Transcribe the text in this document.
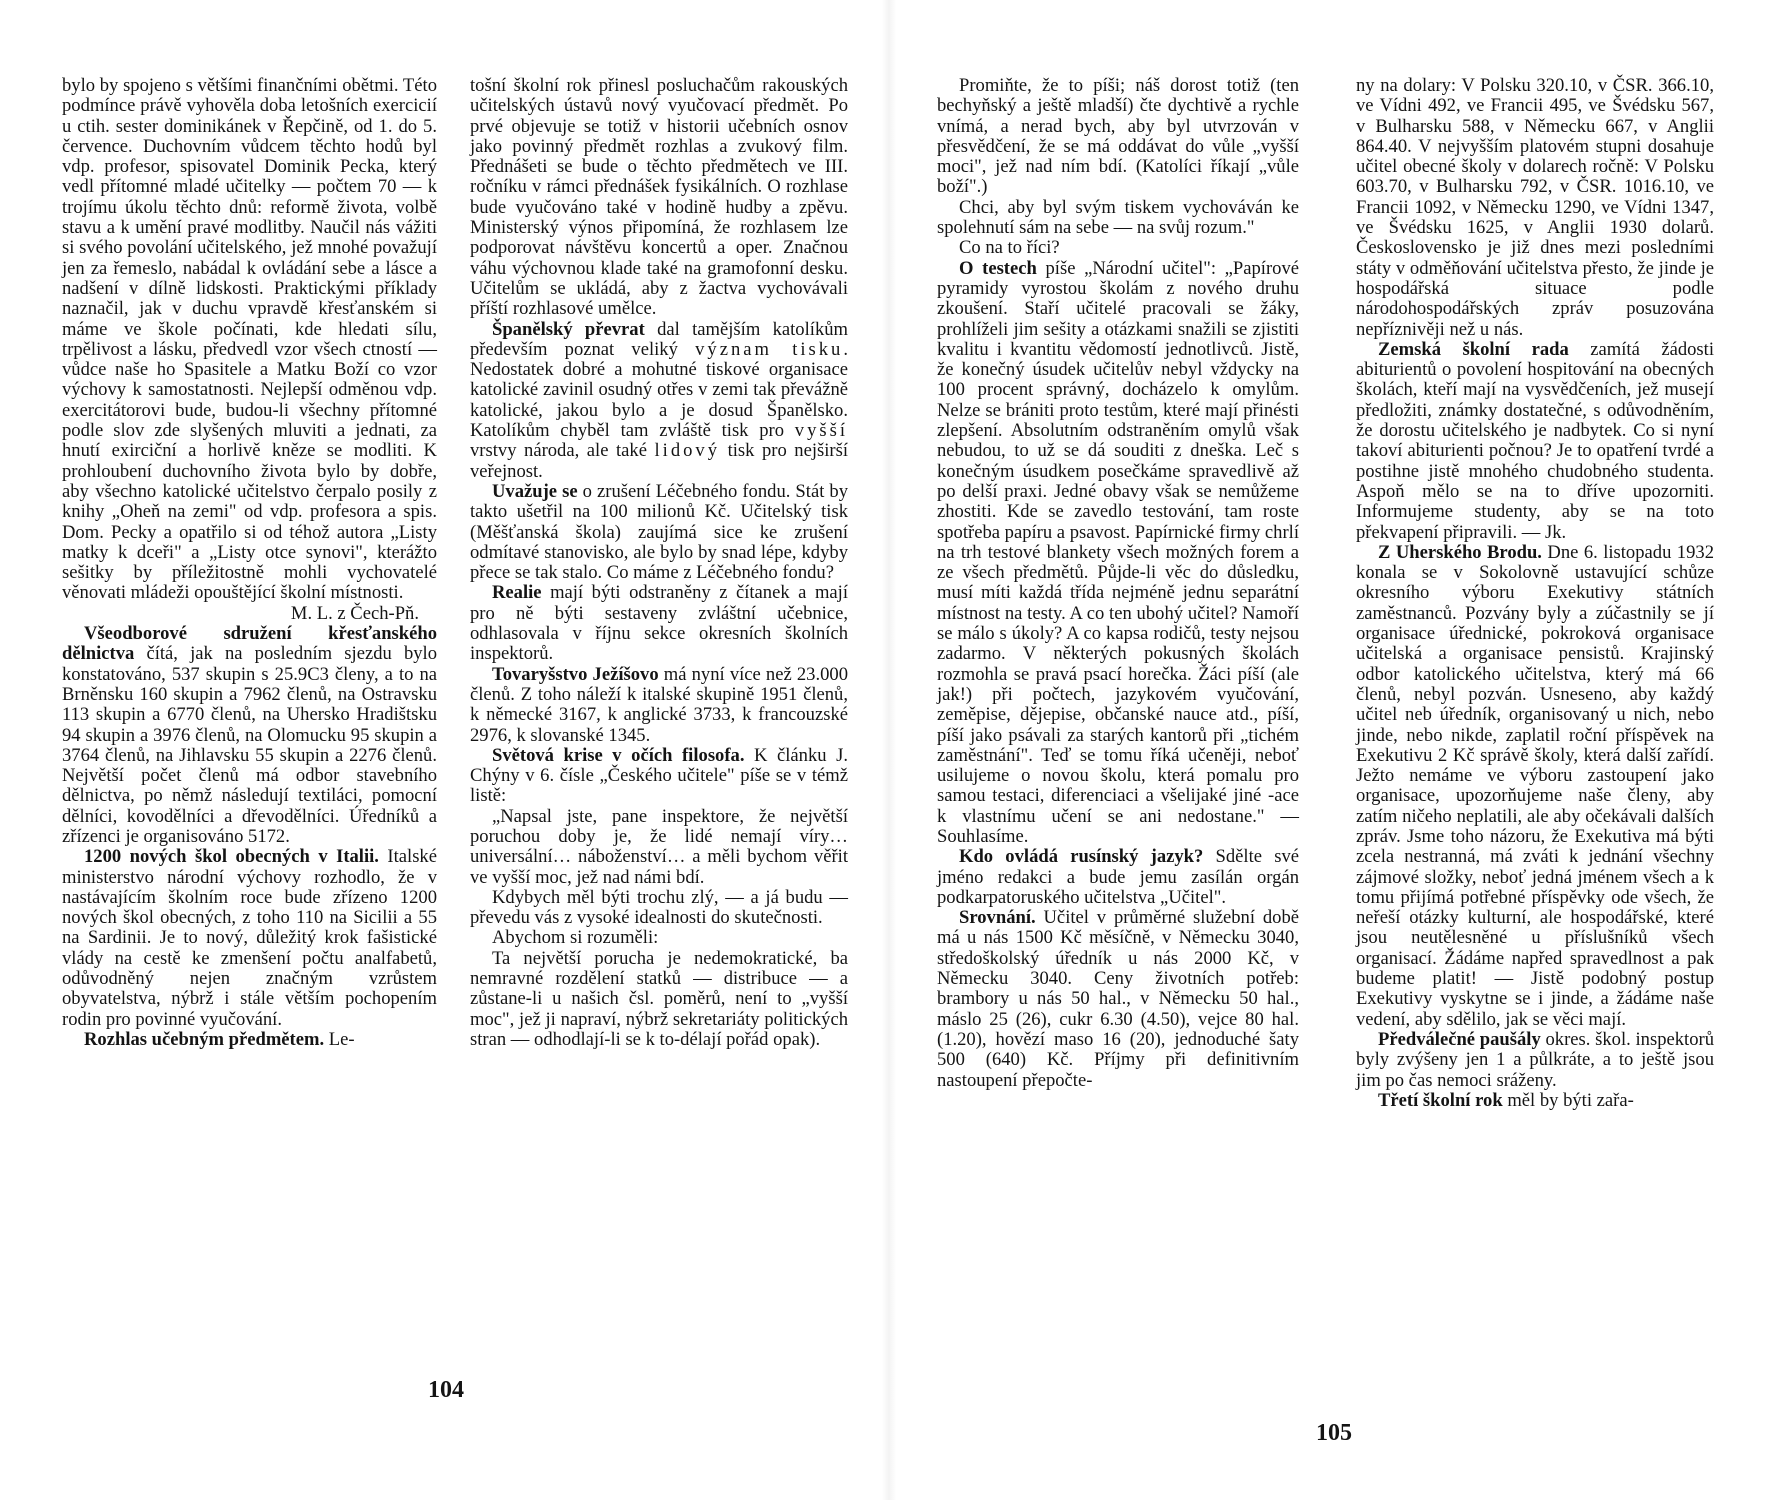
bylo by spojeno s většími finančními obětmi. Této podmínce právě vyhověla doba letošních exercicií u ctih. sester dominikánek v Řepčině, od 1. do 5. července. Duchovním vůdcem těchto hodů byl vdp. profesor, spisovatel Dominik Pecka, který vedl přítomné mladé učitelky — počtem 70 — k trojímu úkolu těchto dnů: reformě života, volbě stavu a k umění pravé modlitby. Naučil nás vážiti si svého povolání učitelského, jež mnohé považují jen za řemeslo, nabádal k ovládání sebe a lásce a nadšení v dílně lidskosti. Praktickými příklady naznačil, jak v duchu vpravdě křesťanském si máme ve škole počínati, kde hledati sílu, trpělivost a lásku, předvedl vzor všech ctností — vůdce naše ho Spasitele a Matku Boží co vzor výchovy k samostatnosti. Nejlepší odměnou vdp. exercitátorovi bude, budou-li všechny přítomné podle slov zde slyšených mluviti a jednati, za hnutí exirciční a horlivě kněze se modliti. K prohloubení duchovního života bylo by dobře, aby všechno katolické učitelstvo čerpalo posily z knihy „Oheň na zemi" od vdp. profesora a spis. Dom. Pecky a opatřilo si od téhož autora „Listy matky k dceři" a „Listy otce synovi", kterážto sešitky by příležitostně mohli vychovatelé věnovati mládeži opouštějící školní místnosti.

M. L. z Čech-Pň.

Všeodborové sdružení křesťanského dělnictva čítá, jak na posledním sjezdu bylo konstatováno, 537 skupin s 25.9C3 členy, a to na Brněnsku 160 skupin a 7962 členů, na Ostravsku 113 skupin a 6770 členů, na Uhersko Hradištsku 94 skupin a 3976 členů, na Olomucku 95 skupin a 3764 členů, na Jihlavsku 55 skupin a 2276 členů. Největší počet členů má odbor stavebního dělnictva, po němž následují textiláci, pomocní dělníci, kovodělníci a dřevodělníci. Úředníků a zřízenci je organisováno 5172.

1200 nových škol obecných v Italii. Italské ministerstvo národní výchovy rozhodlo, že v nastávajícím školním roce bude zřízeno 1200 nových škol obecných, z toho 110 na Sicilii a 55 na Sardinii. Je to nový, důležitý krok fašistické vlády na cestě ke zmenšení počtu analfabetů, odůvodněný nejen značným vzrůstem obyvatelstva, nýbrž i stále větším pochopením rodin pro povinné vyučování.

Rozhlas učebným předmětem. Le-

tošní školní rok přinesl posluchačům rakouských učitelských ústavů nový vyučovací předmět. Po prvé objevuje se totiž v historii učebních osnov jako povinný předmět rozhlas a zvukový film. Přednášeti se bude o těchto předmětech ve III. ročníku v rámci přednášek fysikálních. O rozhlase bude vyučováno také v hodině hudby a zpěvu. Ministerský výnos připomíná, že rozhlasem lze podporovat návštěvu koncertů a oper. Značnou váhu výchovnou klade také na gramofonní desku. Učitelům se ukládá, aby z žactva vychovávali příští rozhlasové umělce.

Španělský převrat dal tamějším katolíkům především poznat veliký význam tisku. Nedostatek dobré a mohutné tiskové organisace katolické zavinil osudný otřes v zemi tak převážně katolické, jakou bylo a je dosud Španělsko. Katolíkům chyběl tam zvláště tisk pro vyšší vrstvy národa, ale také lidový tisk pro nejširší veřejnost.

Uvažuje se o zrušení Léčebného fondu. Stát by takto ušetřil na 100 milionů Kč. Učitelský tisk (Měšťanská škola) zaujímá sice ke zrušení odmítavé stanovisko, ale bylo by snad lépe, kdyby přece se tak stalo. Co máme z Léčebného fondu?

Realie mají býti odstraněny z čítanek a mají pro ně býti sestaveny zvláštní učebnice, odhlasovala v říjnu sekce okresních školních inspektorů.

Tovaryšstvo Ježíšovo má nyní více než 23.000 členů. Z toho náleží k italské skupině 1951 členů, k německé 3167, k anglické 3733, k francouzské 2976, k slovanské 1345.

Světová krise v očích filosofa. K článku J. Chýny v 6. čísle „Českého učitele" píše se v témž listě:

„Napsal jste, pane inspektore, že největší poruchou doby je, že lidé nemají víry… universální… náboženství… a měli bychom věřit ve vyšší moc, jež nad námi bdí.

Kdybych měl býti trochu zlý, — a já budu — převedu vás z vysoké idealnosti do skutečnosti.

Abychom si rozuměli:

Ta největší porucha je nedemokratické, ba nemravné rozdělení statků — distribuce — a zůstane-li u našich čsl. poměrů, není to „vyšší moc", jež ji napraví, nýbrž sekretariáty politických stran — odhodlají-li se k to-délají pořád opak).

104

Promiňte, že to píši; náš dorost totiž (ten bechyňský a ještě mladší) čte dychtivě a rychle vnímá, a nerad bych, aby byl utvrzován v přesvědčení, že se má oddávat do vůle „vyšší moci", jež nad ním bdí. (Katolíci říkají „vůle boží".)

Chci, aby byl svým tiskem vychováván ke spolehnutí sám na sebe — na svůj rozum."

Co na to říci?

O testech píše „Národní učitel": „Papírové pyramidy vyrostou školám z nového druhu zkoušení. Staří učitelé pracovali se žáky, prohlíželi jim sešity a otázkami snažili se zjistiti kvalitu i kvantitu vědomostí jednotlivců. Jistě, že konečný úsudek učitelův nebyl vždycky na 100 procent správný, docházelo k omylům. Nelze se brániti proto testům, které mají přinésti zlepšení. Absolutním odstraněním omylů však nebudou, to už se dá souditi z dneška. Leč s konečným úsudkem posečkáme spravedlivě až po delší praxi. Jedné obavy však se nemůžeme zhostiti. Kde se zavedlo testování, tam roste spotřeba papíru a psavost. Papírnické firmy chrlí na trh testové blankety všech možných forem a ze všech předmětů. Půjde-li věc do důsledku, musí míti každá třída nejméně jednu separátní místnost na testy. A co ten ubohý učitel? Namoří se málo s úkoly? A co kapsa rodičů, testy nejsou zadarmo. V některých pokusných školách rozmohla se pravá psací horečka. Žáci píší (ale jak!) při počtech, jazykovém vyučování, zeměpise, dějepise, občanské nauce atd., píší, píší jako psávali za starých kantorů při „tichém zaměstnání". Teď se tomu říká učeněji, neboť usilujeme o novou školu, která pomalu pro samou testaci, diferenciaci a všelijaké jiné -ace k vlastnímu učení se ani nedostane." — Souhlasíme.

Kdo ovládá rusínský jazyk? Sdělte své jméno redakci a bude jemu zasílán orgán podkarpatoruského učitelstva „Učitel".

Srovnání. Učitel v průměrné služební době má u nás 1500 Kč měsíčně, v Německu 3040, středoškolský úředník u nás 2000 Kč, v Německu 3040. Ceny životních potřeb: brambory u nás 50 hal., v Německu 50 hal., máslo 25 (26), cukr 6.30 (4.50), vejce 80 hal. (1.20), hovězí maso 16 (20), jednoduché šaty 500 (640) Kč. Příjmy při definitivním nastoupení přepočte-

ny na dolary: V Polsku 320.10, v ČSR. 366.10, ve Vídni 492, ve Francii 495, ve Švédsku 567, v Bulharsku 588, v Německu 667, v Anglii 864.40. V nejvyšším platovém stupni dosahuje učitel obecné školy v dolarech ročně: V Polsku 603.70, v Bulharsku 792, v ČSR. 1016.10, ve Francii 1092, v Německu 1290, ve Vídni 1347, ve Švédsku 1625, v Anglii 1930 dolarů. Československo je již dnes mezi posledními státy v odměňování učitelstva přesto, že jinde je hospodářská situace podle národohospodářských zpráv posuzována nepříznivěji než u nás.

Zemská školní rada zamítá žádosti abiturientů o povolení hospitování na obecných školách, kteří mají na vysvědčeních, jež musejí předložiti, známky dostatečné, s odůvodněním, že dorostu učitelského je nadbytek. Co si nyní takoví abiturienti počnou? Je to opatření tvrdé a postihne jistě mnohého chudobného studenta. Aspoň mělo se na to dříve upozorniti. Informujeme studenty, aby se na toto překvapení připravili. — Jk.

Z Uherského Brodu. Dne 6. listopadu 1932 konala se v Sokolovně ustavující schůze okresního výboru Exekutivy státních zaměstnanců. Pozvány byly a zúčastnily se jí organisace úřednické, pokroková organisace učitelská a organisace pensistů. Krajinský odbor katolického učitelstva, který má 66 členů, nebyl pozván. Usneseno, aby každý učitel neb úředník, organisovaný u nich, nebo jinde, nebo nikde, zaplatil roční příspěvek na Exekutivu 2 Kč správě školy, která další zařídí. Ježto nemáme ve výboru zastoupení jako organisace, upozorňujeme naše členy, aby zatím ničeho neplatili, ale aby očekávali dalších zpráv. Jsme toho názoru, že Exekutiva má býti zcela nestranná, má zváti k jednání všechny zájmové složky, neboť jedná jménem všech a k tomu přijímá potřebné příspěvky ode všech, že neřeší otázky kulturní, ale hospodářské, které jsou neutělesněné u příslušníků všech organisací. Žádáme napřed spravedlnost a pak budeme platit! — Jistě podobný postup Exekutivy vyskytne se i jinde, a žádáme naše vedení, aby sdělilo, jak se věci mají.

Předválečné paušály okres. škol. inspektorů byly zvýšeny jen 1 a půlkráte, a to ještě jsou jim po čas nemoci sráženy.

Třetí školní rok měl by býti zařa-

105
